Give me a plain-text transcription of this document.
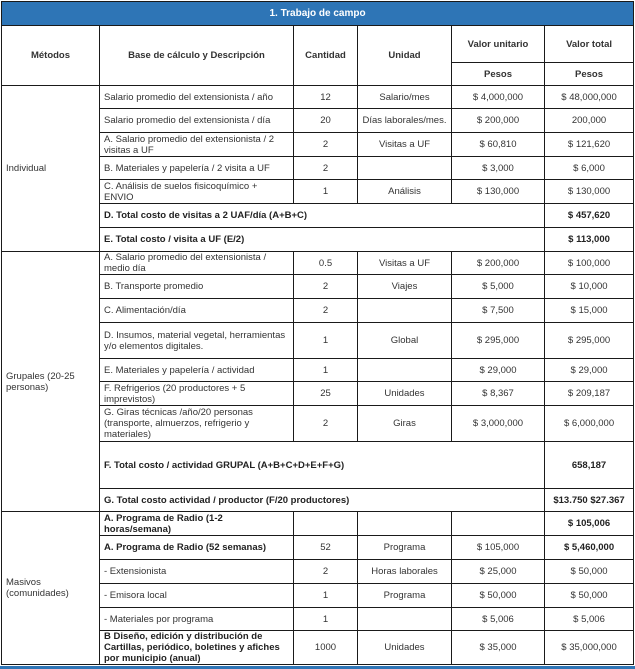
1. Trabajo de campo					
Métodos	Base de cálculo y Descripción	Cantidad	Unidad	Valor unitario	Valor total
				Pesos	Pesos
Individual	Salario promedio del extensionista / año	12	Salario/mes	$ 4,000,000	$ 48,000,000
	Salario promedio del extensionista / día	20	Días laborales/mes.	$ 200,000	200,000
	A. Salario promedio del extensionista / 2 visitas a UF	2	Visitas a UF	$ 60,810	$ 121,620
	B. Materiales y papelería / 2 visita a UF	2		$ 3,000	$ 6,000
	C. Análisis de suelos fisicoquímico + ENVIO	1	Análisis	$ 130,000	$ 130,000
	D. Total costo de visitas a 2 UAF/día (A+B+C)				$ 457,620
	E. Total costo / visita a UF (E/2)				$ 113,000
Grupales (20-25 personas)	A. Salario promedio del extensionista / medio día	0.5	Visitas a UF	$ 200,000	$ 100,000
	B. Transporte promedio	2	Viajes	$ 5,000	$ 10,000
	C. Alimentación/día	2		$ 7,500	$ 15,000
	D. Insumos, material vegetal, herramientas y/o elementos digitales.	1	Global	$ 295,000	$ 295,000
	E. Materiales y papelería / actividad	1		$ 29,000	$ 29,000
	F. Refrigerios (20 productores + 5 imprevistos)	25	Unidades	$ 8,367	$ 209,187
	G. Giras técnicas /año/20 personas (transporte, almuerzos, refrigerio y materiales)	2	Giras	$ 3,000,000	$ 6,000,000
	F. Total costo / actividad GRUPAL (A+B+C+D+E+F+G)				658,187
	G. Total costo actividad / productor (F/20 productores)				$13.750 $27.367
Masivos (comunidades)	A. Programa de Radio (1-2 horas/semana)				$ 105,006
	A. Programa de Radio (52 semanas)	52	Programa	$ 105,000	$ 5,460,000
	- Extensionista	2	Horas laborales	$ 25,000	$ 50,000
	- Emisora local	1	Programa	$ 50,000	$ 50,000
	- Materiales por programa	1		$ 5,006	$ 5,006
	B Diseño, edición y distribución de Cartillas, periódico, boletines y afiches por municipio (anual)	1000	Unidades	$ 35,000	$ 35,000,000
